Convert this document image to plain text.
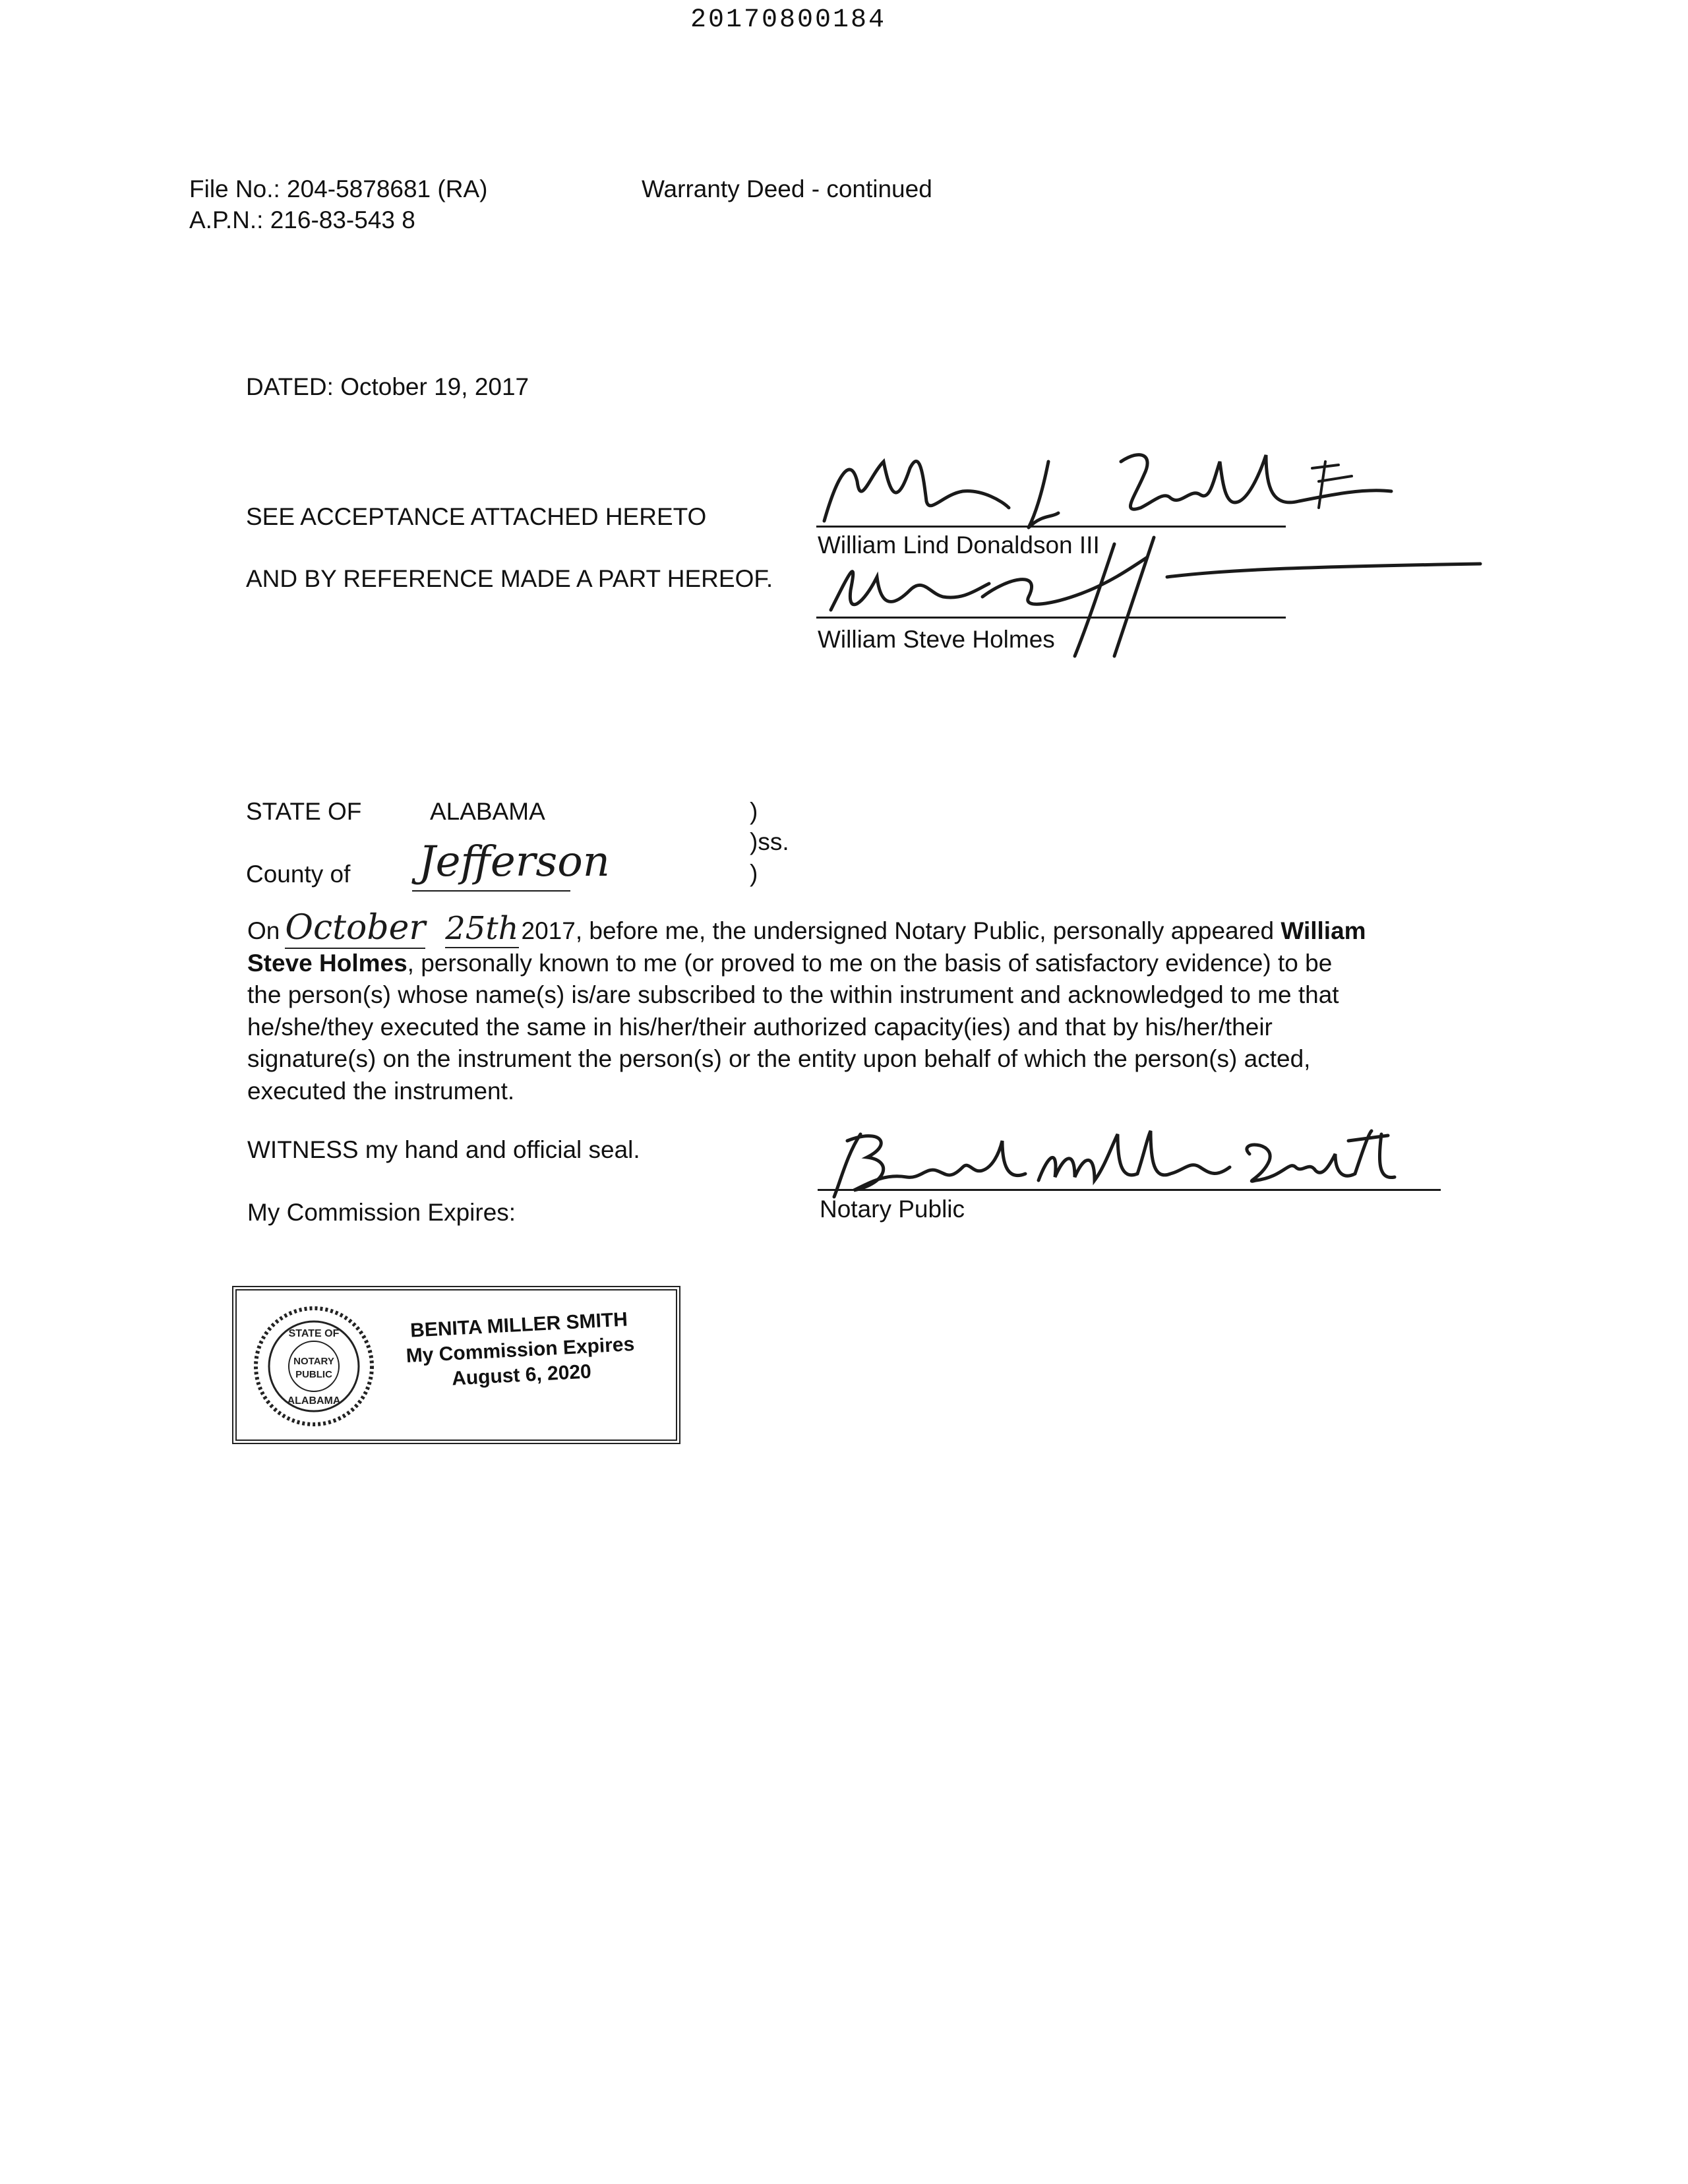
20170800184
File No.: 204-5878681 (RA)
A.P.N.: 216-83-543 8
Warranty Deed - continued
DATED: October 19, 2017
SEE ACCEPTANCE ATTACHED HERETO
AND BY REFERENCE MADE A PART HEREOF.
William Lind Donaldson III
William Steve Holmes
STATE OF	ALABAMA
County of Jefferson
)
)ss.
)

On October 25th 2017, before me, the undersigned Notary Public, personally appeared William

Steve Holmes, personally known to me (or proved to me on the basis of satisfactory evidence) to be

the person(s) whose name(s) is/are subscribed to the within instrument and acknowledged to me that

he/she/they executed the same in his/her/their authorized capacity(ies) and that by his/her/their

signature(s) on the instrument the person(s) or the entity upon behalf of which the person(s) acted,

executed the instrument.

WITNESS my hand and official seal.
My Commission Expires:	Notary Public
STATE OF
NOTARY
PUBLIC
ALABAMA
BENITA MILLER SMITH
My Commission Expires
August 6, 2020
